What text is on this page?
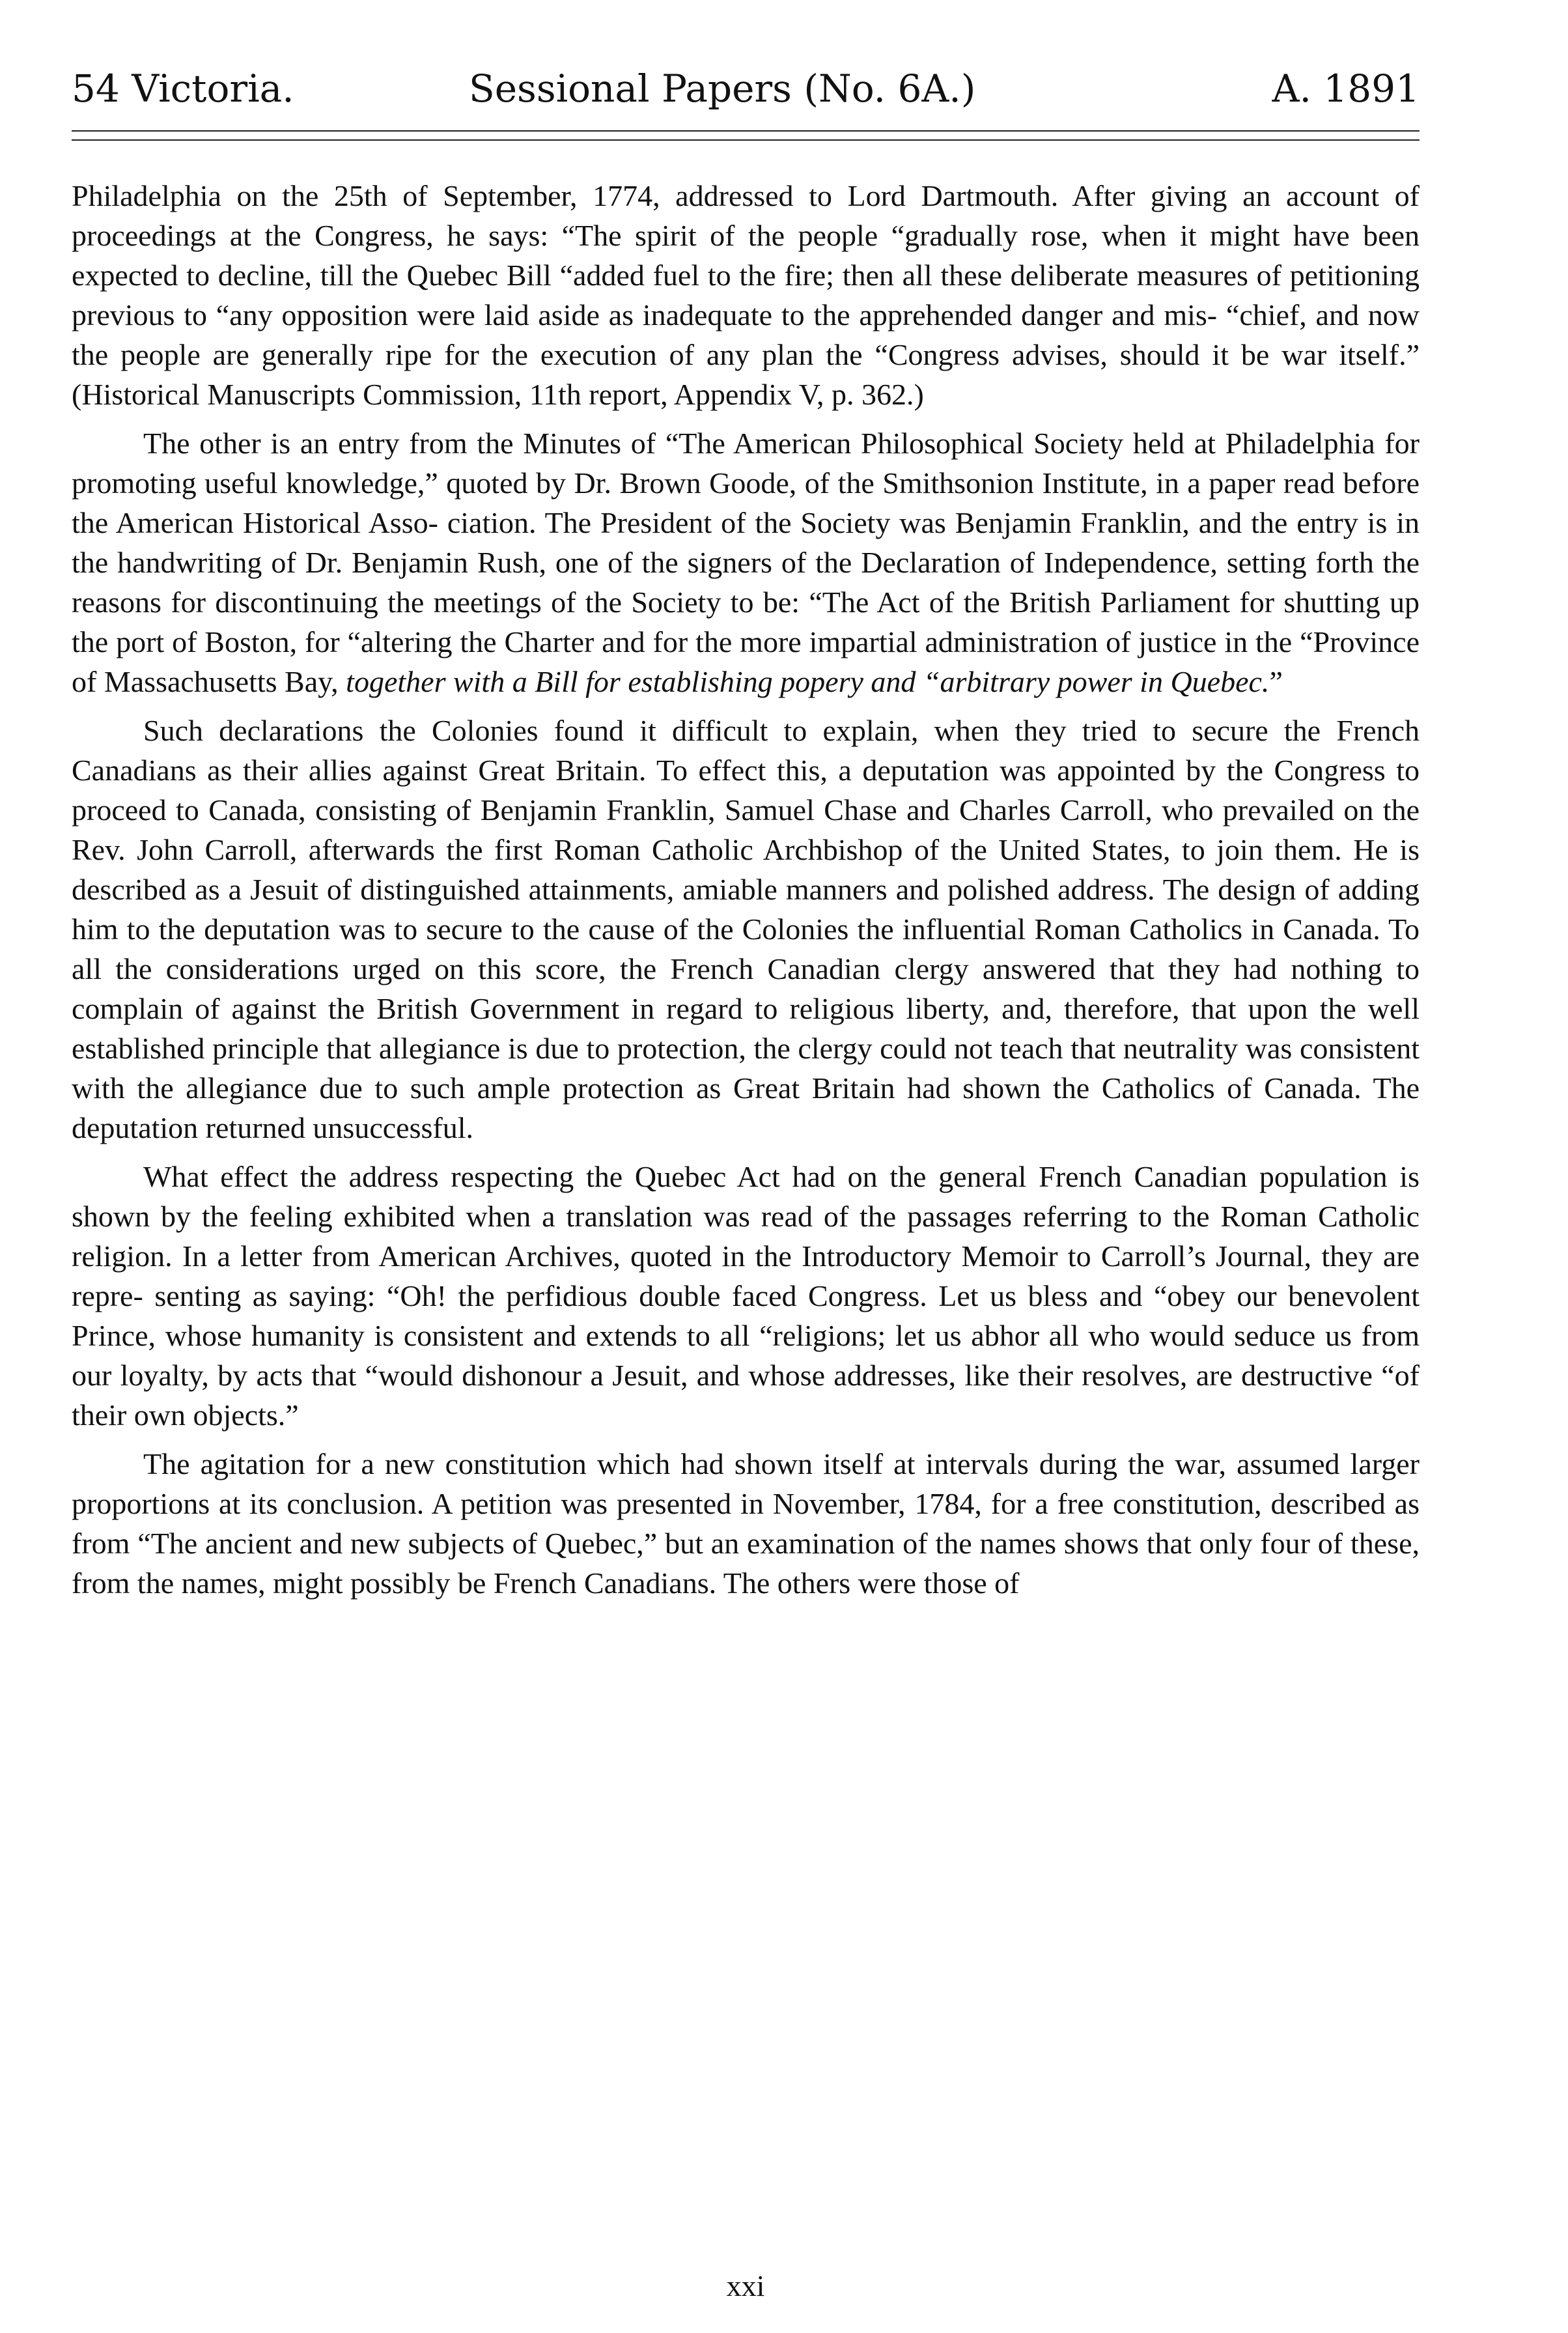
54 Victoria.	Sessional Papers (No. 6A.)	A. 1891

Philadelphia on the 25th of September, 1774, addressed to Lord Dartmouth. After giving an account of proceedings at the Congress, he says: “The spirit of the people “gradually rose, when it might have been expected to decline, till the Quebec Bill “added fuel to the fire; then all these deliberate measures of petitioning previous to “any opposition were laid aside as inadequate to the apprehended danger and mis- “chief, and now the people are generally ripe for the execution of any plan the “Congress advises, should it be war itself.” (Historical Manuscripts Commission, 11th report, Appendix V, p. 362.)

The other is an entry from the Minutes of “The American Philosophical Society held at Philadelphia for promoting useful knowledge,” quoted by Dr. Brown Goode, of the Smithsonion Institute, in a paper read before the American Historical Asso- ciation. The President of the Society was Benjamin Franklin, and the entry is in the handwriting of Dr. Benjamin Rush, one of the signers of the Declaration of Independence, setting forth the reasons for discontinuing the meetings of the Society to be: “The Act of the British Parliament for shutting up the port of Boston, for “altering the Charter and for the more impartial administration of justice in the “Province of Massachusetts Bay, together with a Bill for establishing popery and “arbitrary power in Quebec.”

Such declarations the Colonies found it difficult to explain, when they tried to secure the French Canadians as their allies against Great Britain. To effect this, a deputation was appointed by the Congress to proceed to Canada, consisting of Benjamin Franklin, Samuel Chase and Charles Carroll, who prevailed on the Rev. John Carroll, afterwards the first Roman Catholic Archbishop of the United States, to join them. He is described as a Jesuit of distinguished attainments, amiable manners and polished address. The design of adding him to the deputation was to secure to the cause of the Colonies the influential Roman Catholics in Canada. To all the considerations urged on this score, the French Canadian clergy answered that they had nothing to complain of against the British Government in regard to religious liberty, and, therefore, that upon the well established principle that allegiance is due to protection, the clergy could not teach that neutrality was consistent with the allegiance due to such ample protection as Great Britain had shown the Catholics of Canada. The deputation returned unsuccessful.

What effect the address respecting the Quebec Act had on the general French Canadian population is shown by the feeling exhibited when a translation was read of the passages referring to the Roman Catholic religion. In a letter from American Archives, quoted in the Introductory Memoir to Carroll’s Journal, they are repre- senting as saying: “Oh! the perfidious double faced Congress. Let us bless and “obey our benevolent Prince, whose humanity is consistent and extends to all “religions; let us abhor all who would seduce us from our loyalty, by acts that “would dishonour a Jesuit, and whose addresses, like their resolves, are destructive “of their own objects.”

The agitation for a new constitution which had shown itself at intervals during the war, assumed larger proportions at its conclusion. A petition was presented in November, 1784, for a free constitution, described as from “The ancient and new subjects of Quebec,” but an examination of the names shows that only four of these, from the names, might possibly be French Canadians. The others were those of

xxi
